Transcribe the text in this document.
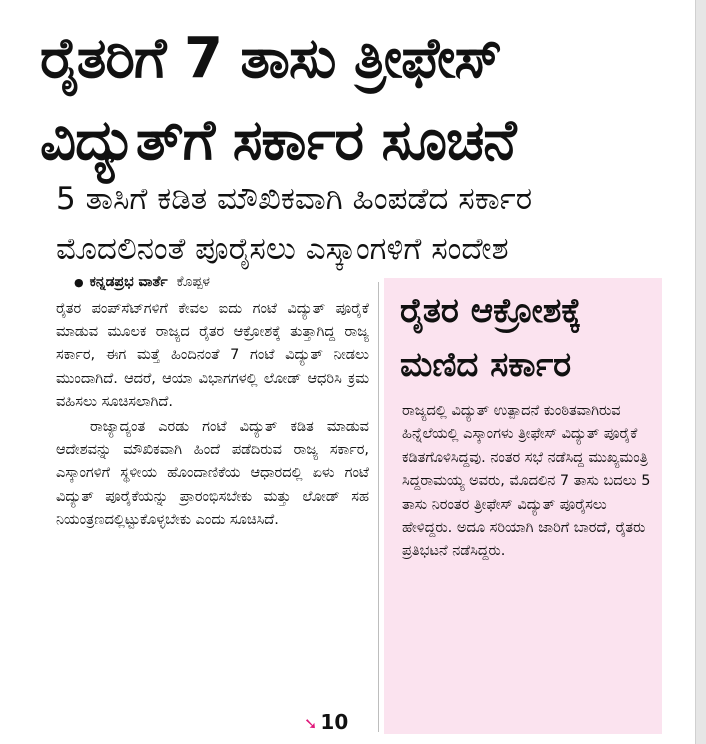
ರೈತರಿಗೆ 7 ತಾಸು ತ್ರೀಫೇಸ್
ವಿದ್ಯುತ್‌ಗೆ ಸರ್ಕಾರ ಸೂಚನೆ
5 ತಾಸಿಗೆ ಕಡಿತ ಮೌಖಿಕವಾಗಿ ಹಿಂಪಡೆದ ಸರ್ಕಾರ
ಮೊದಲಿನಂತೆ ಪೂರೈಸಲು ಎಸ್ಕಾಂಗಳಿಗೆ ಸಂದೇಶ
● ಕನ್ನಡಪ್ರಭ ವಾರ್ತೆ ಕೊಪ್ಪಳ

ರೈತರ ಪಂಪ್‌ಸೆಟ್‌ಗಳಿಗೆ ಕೇವಲ ಐದು ಗಂಟೆ ವಿದ್ಯುತ್ ಪೂರೈಕೆ ಮಾಡುವ ಮೂಲಕ ರಾಜ್ಯದ ರೈತರ ಆಕ್ರೋಶಕ್ಕೆ ತುತ್ತಾಗಿದ್ದ ರಾಜ್ಯ ಸರ್ಕಾರ, ಈಗ ಮತ್ತೆ ಹಿಂದಿನಂತೆ 7 ಗಂಟೆ ವಿದ್ಯುತ್ ನೀಡಲು ಮುಂದಾಗಿದೆ. ಆದರೆ, ಆಯಾ ವಿಭಾಗಗಳಲ್ಲಿ ಲೋಡ್ ಆಧರಿಸಿ ಕ್ರಮ ವಹಿಸಲು ಸೂಚಿಸಲಾಗಿದೆ.

ರಾಜ್ಯಾದ್ಯಂತ ಎರಡು ಗಂಟೆ ವಿದ್ಯುತ್ ಕಡಿತ ಮಾಡುವ ಆದೇಶವನ್ನು ಮೌಖಿಕವಾಗಿ ಹಿಂದೆ ಪಡೆದಿರುವ ರಾಜ್ಯ ಸರ್ಕಾರ, ಎಸ್ಕಾಂಗಳಿಗೆ ಸ್ಥಳೀಯ ಹೊಂದಾಣಿಕೆಯ ಆಧಾರದಲ್ಲಿ ಏಳು ಗಂಟೆ ವಿದ್ಯುತ್ ಪೂರೈಕೆಯನ್ನು ಪ್ರಾರಂಭಿಸಬೇಕು ಮತ್ತು ಲೋಡ್ ಸಹ ನಿಯಂತ್ರಣದಲ್ಲಿಟ್ಟುಕೊಳ್ಳಬೇಕು ಎಂದು ಸೂಚಿಸಿದೆ.

➘ 10
ರೈತರ ಆಕ್ರೋಶಕ್ಕೆ
ಮಣಿದ ಸರ್ಕಾರ
ರಾಜ್ಯದಲ್ಲಿ ವಿದ್ಯುತ್ ಉತ್ಪಾದನೆ ಕುಂಠಿತವಾಗಿರುವ ಹಿನ್ನೆಲೆಯಲ್ಲಿ ಎಸ್ಕಾಂಗಳು ತ್ರೀಫೇಸ್ ವಿದ್ಯುತ್ ಪೂರೈಕೆ ಕಡಿತಗೊಳಿಸಿದ್ದವು. ನಂತರ ಸಭೆ ನಡೆಸಿದ್ದ ಮುಖ್ಯಮಂತ್ರಿ ಸಿದ್ದರಾಮಯ್ಯ ಅವರು, ಮೊದಲಿನ 7 ತಾಸು ಬದಲು 5 ತಾಸು ನಿರಂತರ ತ್ರೀಫೇಸ್ ವಿದ್ಯುತ್ ಪೂರೈಸಲು ಹೇಳಿದ್ದರು. ಅದೂ ಸರಿಯಾಗಿ ಜಾರಿಗೆ ಬಾರದೆ, ರೈತರು ಪ್ರತಿಭಟನೆ ನಡೆಸಿದ್ದರು.
